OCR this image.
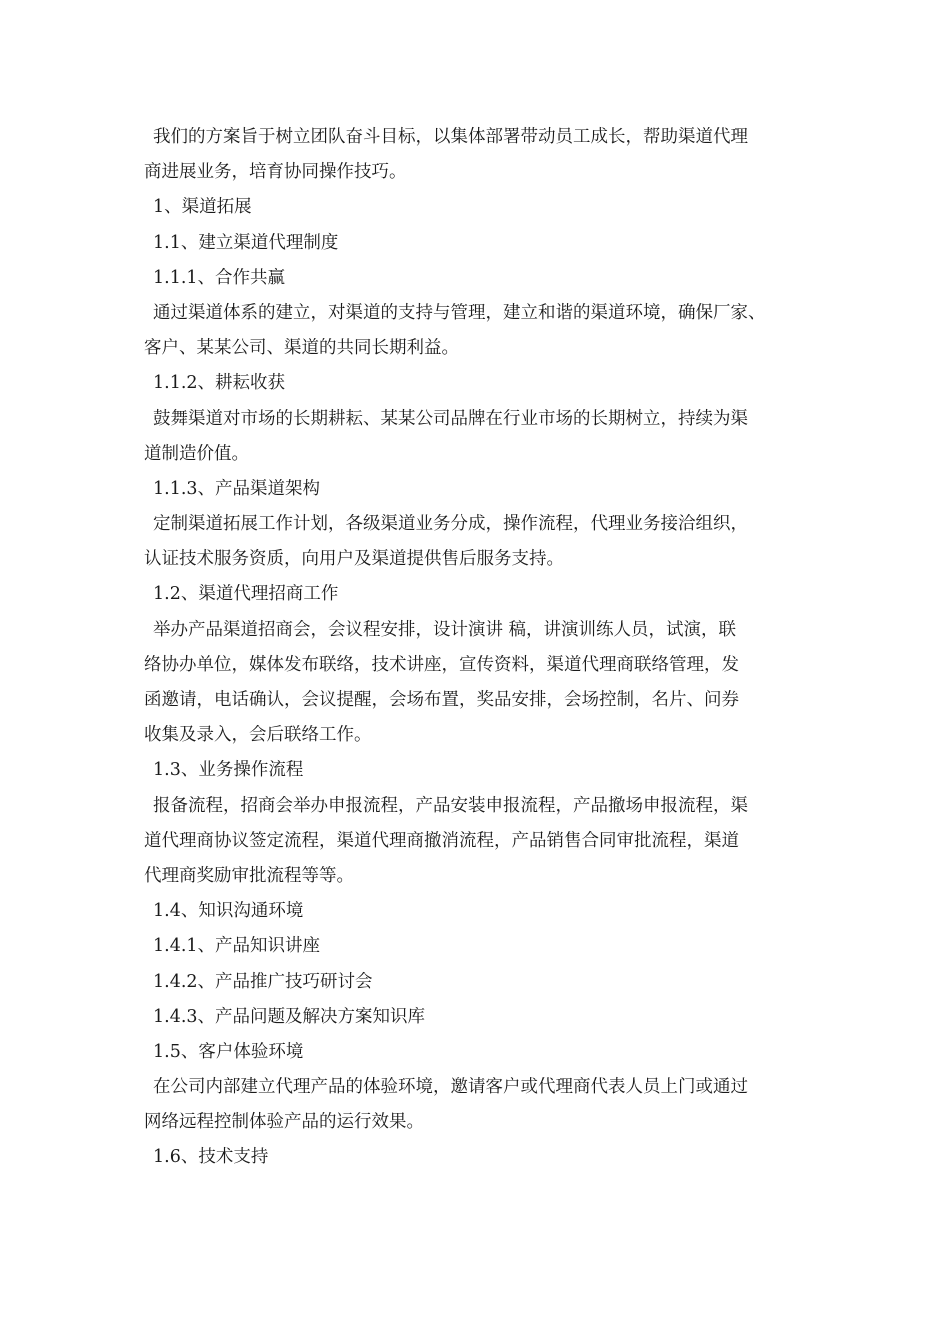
我们的方案旨于树立团队奋斗目标，以集体部署带动员工成长，帮助渠道代理
商进展业务，培育协同操作技巧。
1、渠道拓展
1.1、建立渠道代理制度
1.1.1、合作共赢
通过渠道体系的建立，对渠道的支持与管理，建立和谐的渠道环境，确保厂家、
客户、某某公司、渠道的共同长期利益。
1.1.2、耕耘收获
鼓舞渠道对市场的长期耕耘、某某公司品牌在行业市场的长期树立，持续为渠
道制造价值。
1.1.3、产品渠道架构
定制渠道拓展工作计划，各级渠道业务分成，操作流程，代理业务接洽组织，
认证技术服务资质，向用户及渠道提供售后服务支持。
1.2、渠道代理招商工作
举办产品渠道招商会，会议程安排，设计演讲 稿，讲演训练人员，试演，联
络协办单位，媒体发布联络，技术讲座，宣传资料，渠道代理商联络管理，发
函邀请，电话确认，会议提醒，会场布置，奖品安排，会场控制，名片、问券
收集及录入，会后联络工作。
1.3、业务操作流程
报备流程，招商会举办申报流程，产品安装申报流程，产品撤场申报流程，渠
道代理商协议签定流程，渠道代理商撤消流程，产品销售合同审批流程，渠道
代理商奖励审批流程等等。
1.4、知识沟通环境
1.4.1、产品知识讲座
1.4.2、产品推广技巧研讨会
1.4.3、产品问题及解决方案知识库
1.5、客户体验环境
在公司内部建立代理产品的体验环境，邀请客户或代理商代表人员上门或通过
网络远程控制体验产品的运行效果。
1.6、技术支持
